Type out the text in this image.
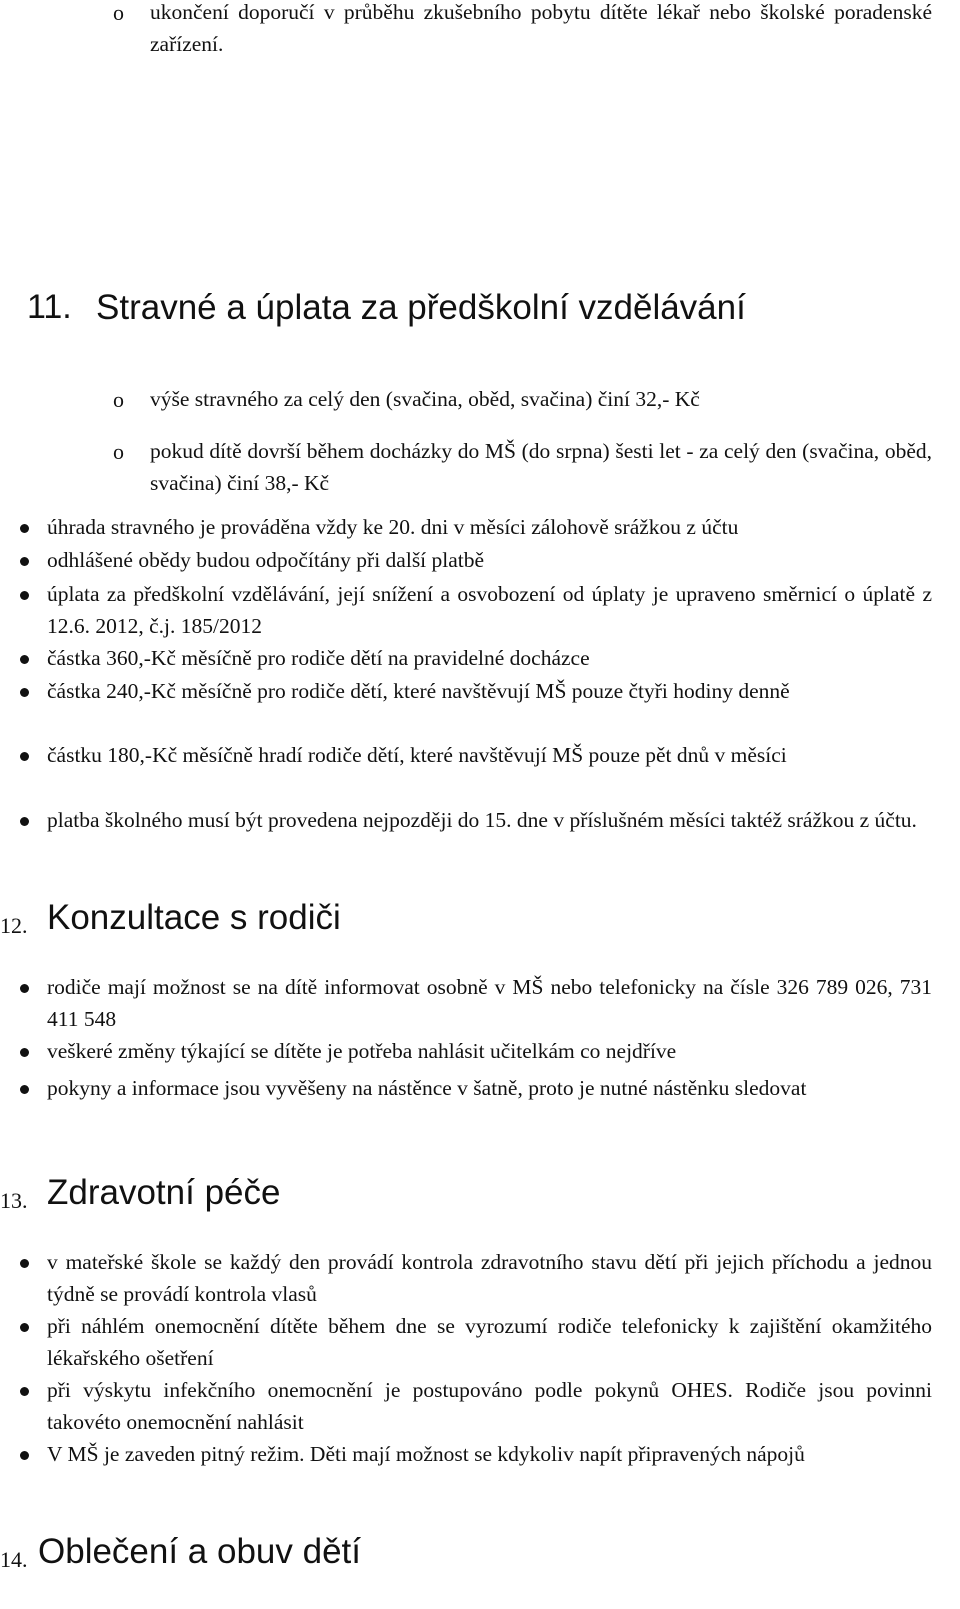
o ukončení doporučí v průběhu zkušebního pobytu dítěte lékař nebo školské poradenské zařízení.
11. Stravné a úplata za předškolní vzdělávání
o výše stravného za celý den (svačina, oběd, svačina) činí 32,- Kč
o pokud dítě dovrší během docházky do MŠ (do srpna) šesti let - za celý den (svačina, oběd, svačina) činí 38,- Kč
úhrada stravného je prováděna vždy ke 20. dni v měsíci zálohově srážkou z účtu
odhlášené obědy budou odpočítány při další platbě
úplata za předškolní vzdělávání, její snížení a osvobození od úplaty je upraveno směrnicí o úplatě z 12.6. 2012, č.j. 185/2012
částka 360,-Kč měsíčně pro rodiče dětí na pravidelné docházce
částka 240,-Kč měsíčně pro rodiče dětí, které navštěvují MŠ pouze čtyři hodiny denně
částku 180,-Kč měsíčně hradí rodiče dětí, které navštěvují MŠ pouze pět dnů v měsíci
platba školného musí být provedena nejpozději do 15. dne v příslušném měsíci taktéž srážkou z účtu.
12. Konzultace s rodiči
rodiče mají možnost se na dítě informovat osobně v MŠ nebo telefonicky na čísle 326 789 026, 731 411 548
veškeré změny týkající se dítěte je potřeba nahlásit učitelkám co nejdříve
pokyny a informace jsou vyvěšeny na nástěnce v šatně, proto je nutné nástěnku sledovat
13. Zdravotní péče
v mateřské škole se každý den provádí kontrola zdravotního stavu dětí při jejich příchodu a jednou týdně se provádí kontrola vlasů
při náhlém onemocnění dítěte během dne se vyrozumí rodiče telefonicky k zajištění okamžitého lékařského ošetření
při výskytu infekčního onemocnění je postupováno podle pokynů OHES. Rodiče jsou povinni takovéto onemocnění nahlásit
V MŠ je zaveden pitný režim. Děti mají možnost se kdykoliv napít připravených nápojů
14. Oblečení a obuv dětí
